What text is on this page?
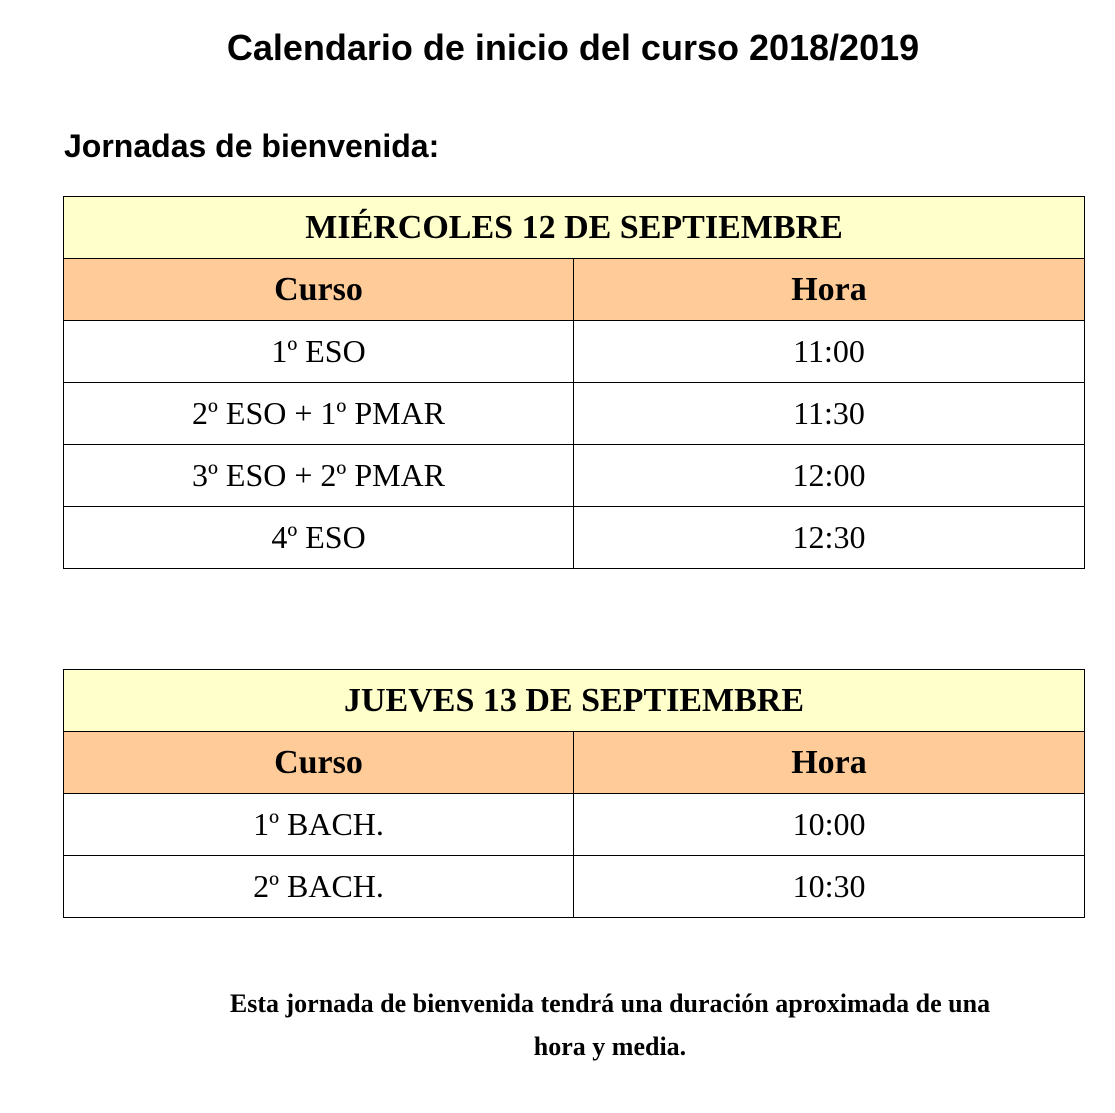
Calendario de inicio del curso 2018/2019
Jornadas de bienvenida:
MIÉRCOLES 12 DE SEPTIEMBRE	
Curso	Hora
1º ESO	11:00
2º ESO + 1º PMAR	11:30
3º ESO + 2º PMAR	12:00
4º ESO	12:30
JUEVES 13 DE SEPTIEMBRE	
Curso	Hora
1º BACH.	10:00
2º BACH.	10:30

Esta jornada de bienvenida tendrá una duración aproximada de una
hora y media.
